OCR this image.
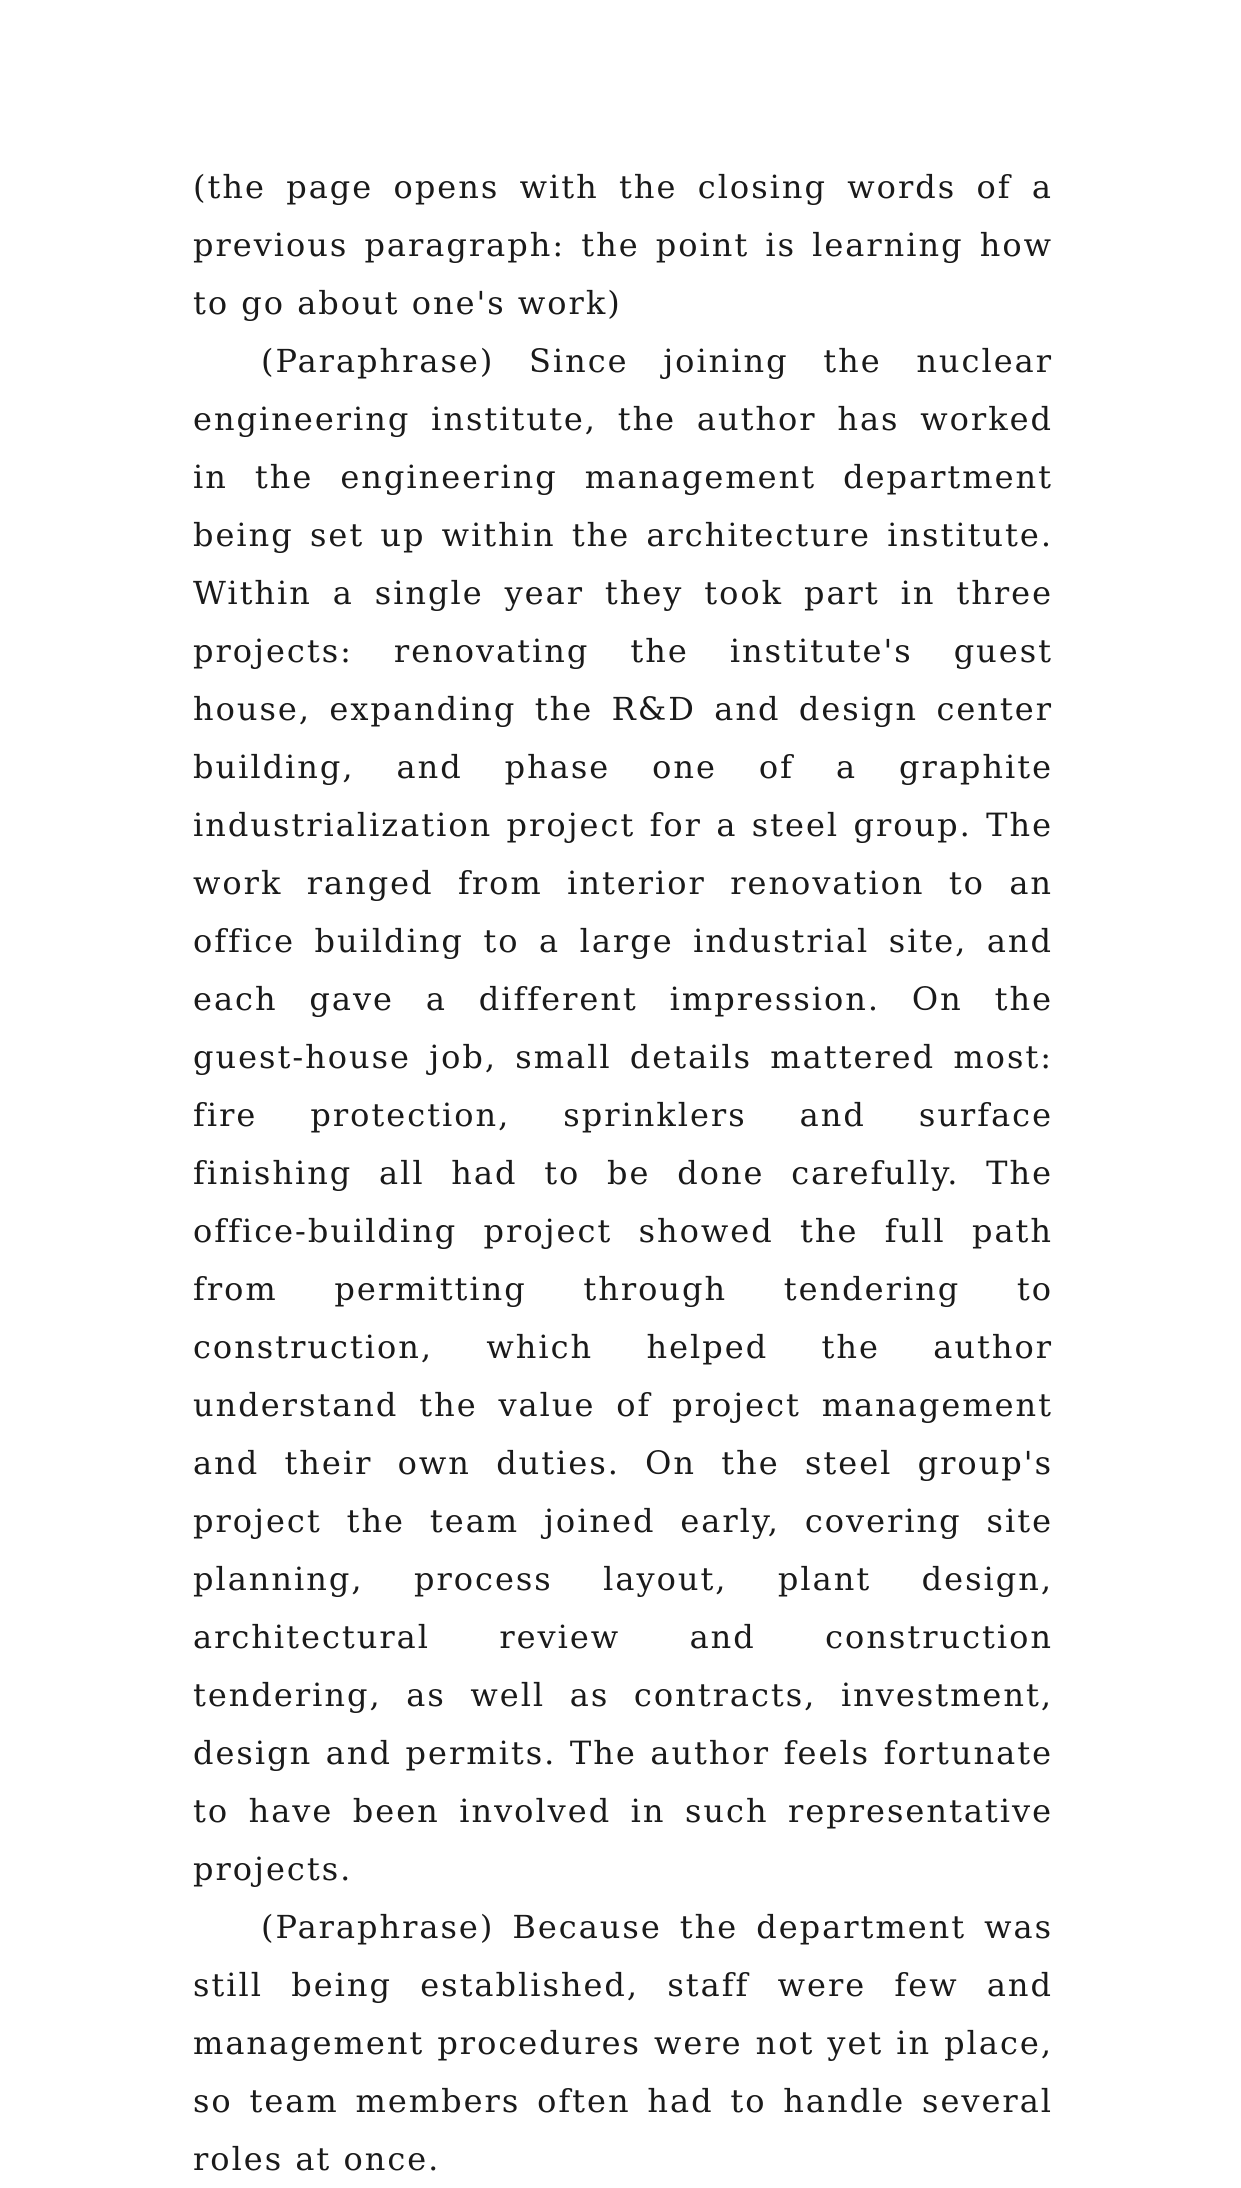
(the page opens with the closing words of a previous paragraph: the point is learning how to go about one's work)

(Paraphrase) Since joining the nuclear engineering institute, the author has worked in the engineering management department being set up within the architecture institute. Within a single year they took part in three projects: renovating the institute's guest house, expanding the R&D and design center building, and phase one of a graphite industrialization project for a steel group. The work ranged from interior renovation to an office building to a large industrial site, and each gave a different impression. On the guest-house job, small details mattered most: fire protection, sprinklers and surface finishing all had to be done carefully. The office-building project showed the full path from permitting through tendering to construction, which helped the author understand the value of project management and their own duties. On the steel group's project the team joined early, covering site planning, process layout, plant design, architectural review and construction tendering, as well as contracts, investment, design and permits. The author feels fortunate to have been involved in such representative projects.

(Paraphrase) Because the department was still being established, staff were few and management procedures were not yet in place, so team members often had to handle several roles at once.
